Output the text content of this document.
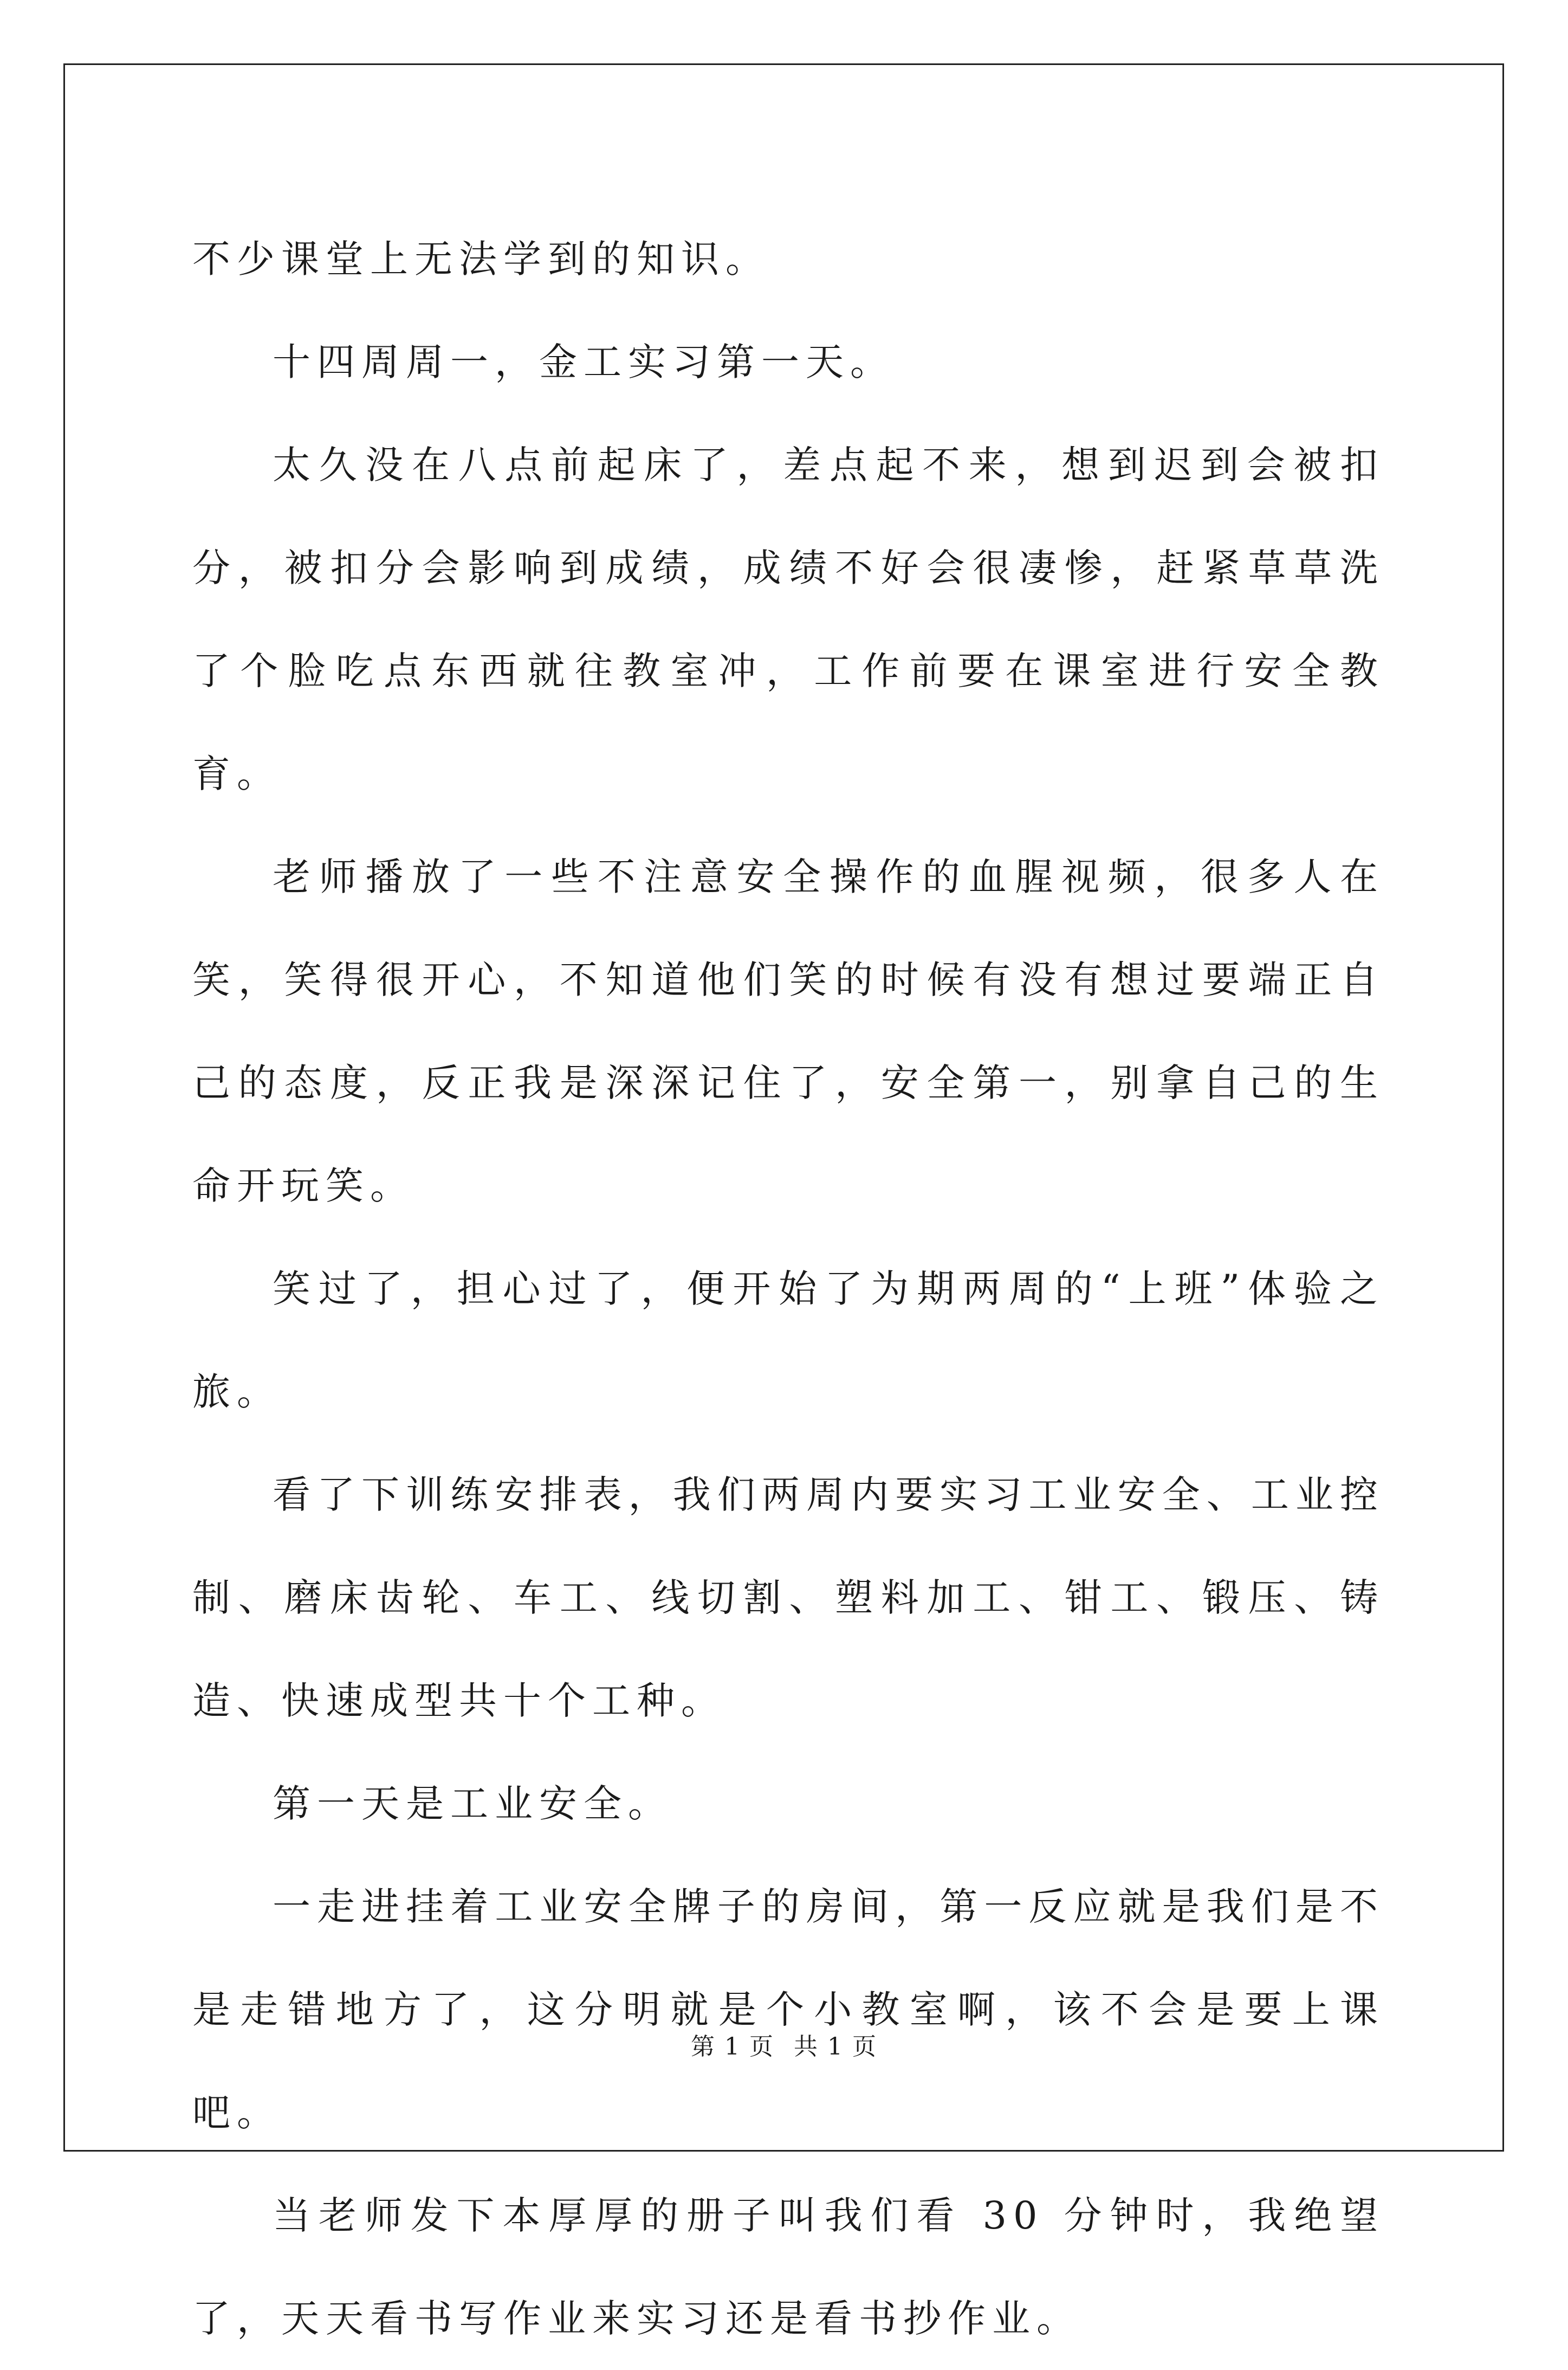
不少课堂上无法学到的知识。

十四周周一，金工实习第一天。

太久没在八点前起床了，差点起不来，想到迟到会被扣分，被扣分会影响到成绩，成绩不好会很凄惨，赶紧草草洗了个脸吃点东西就往教室冲，工作前要在课室进行安全教育。

老师播放了一些不注意安全操作的血腥视频，很多人在笑，笑得很开心，不知道他们笑的时候有没有想过要端正自己的态度，反正我是深深记住了，安全第一，别拿自己的生命开玩笑。

笑过了，担心过了，便开始了为期两周的“上班”体验之旅。

看了下训练安排表，我们两周内要实习工业安全、工业控制、磨床齿轮、车工、线切割、塑料加工、钳工、锻压、铸造、快速成型共十个工种。

第一天是工业安全。

一走进挂着工业安全牌子的房间，第一反应就是我们是不是走错地方了，这分明就是个小教室啊，该不会是要上课吧。

当老师发下本厚厚的册子叫我们看 30 分钟时，我绝望了，天天看书写作业来实习还是看书抄作业。

第 1 页 共 1 页
